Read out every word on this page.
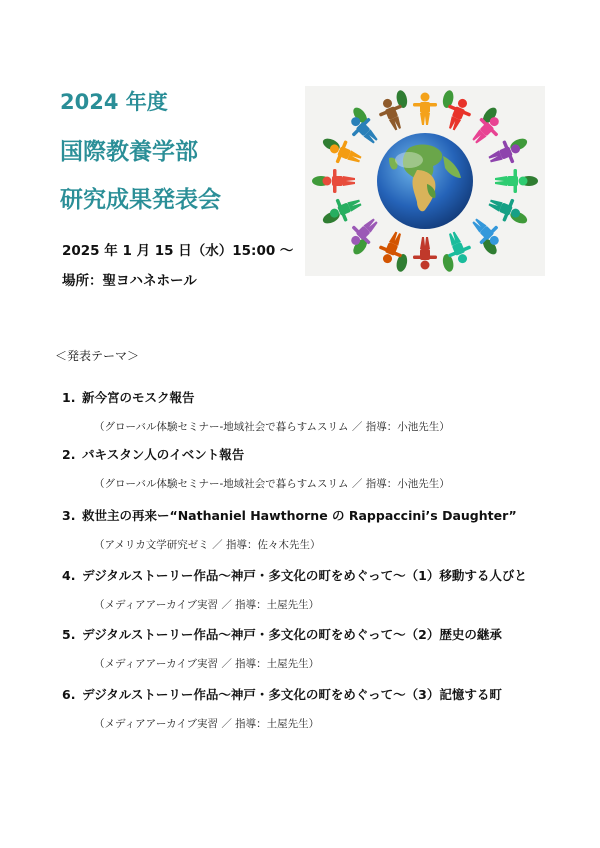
2024 年度
国際教養学部
研究成果発表会
2025 年 1 月 15 日（水）15:00 ～
場所：聖ヨハネホール
＜発表テーマ＞
1. 新今宮のモスク報告
（グローバル体験セミナー-地域社会で暮らすムスリム ／ 指導：小池先生）
2. パキスタン人のイベント報告
（グローバル体験セミナー-地域社会で暮らすムスリム ／ 指導：小池先生）
3. 救世主の再来ー“Nathaniel Hawthorne の Rappaccini’s Daughter”
（アメリカ文学研究ゼミ ／ 指導：佐々木先生）
4. デジタルストーリー作品～神戸・多文化の町をめぐって～（1）移動する人びと
（メディアアーカイブ実習 ／ 指導：土屋先生）
5. デジタルストーリー作品～神戸・多文化の町をめぐって～（2）歴史の継承
（メディアアーカイブ実習 ／ 指導：土屋先生）
6. デジタルストーリー作品～神戸・多文化の町をめぐって～（3）記憶する町
（メディアアーカイブ実習 ／ 指導：土屋先生）
